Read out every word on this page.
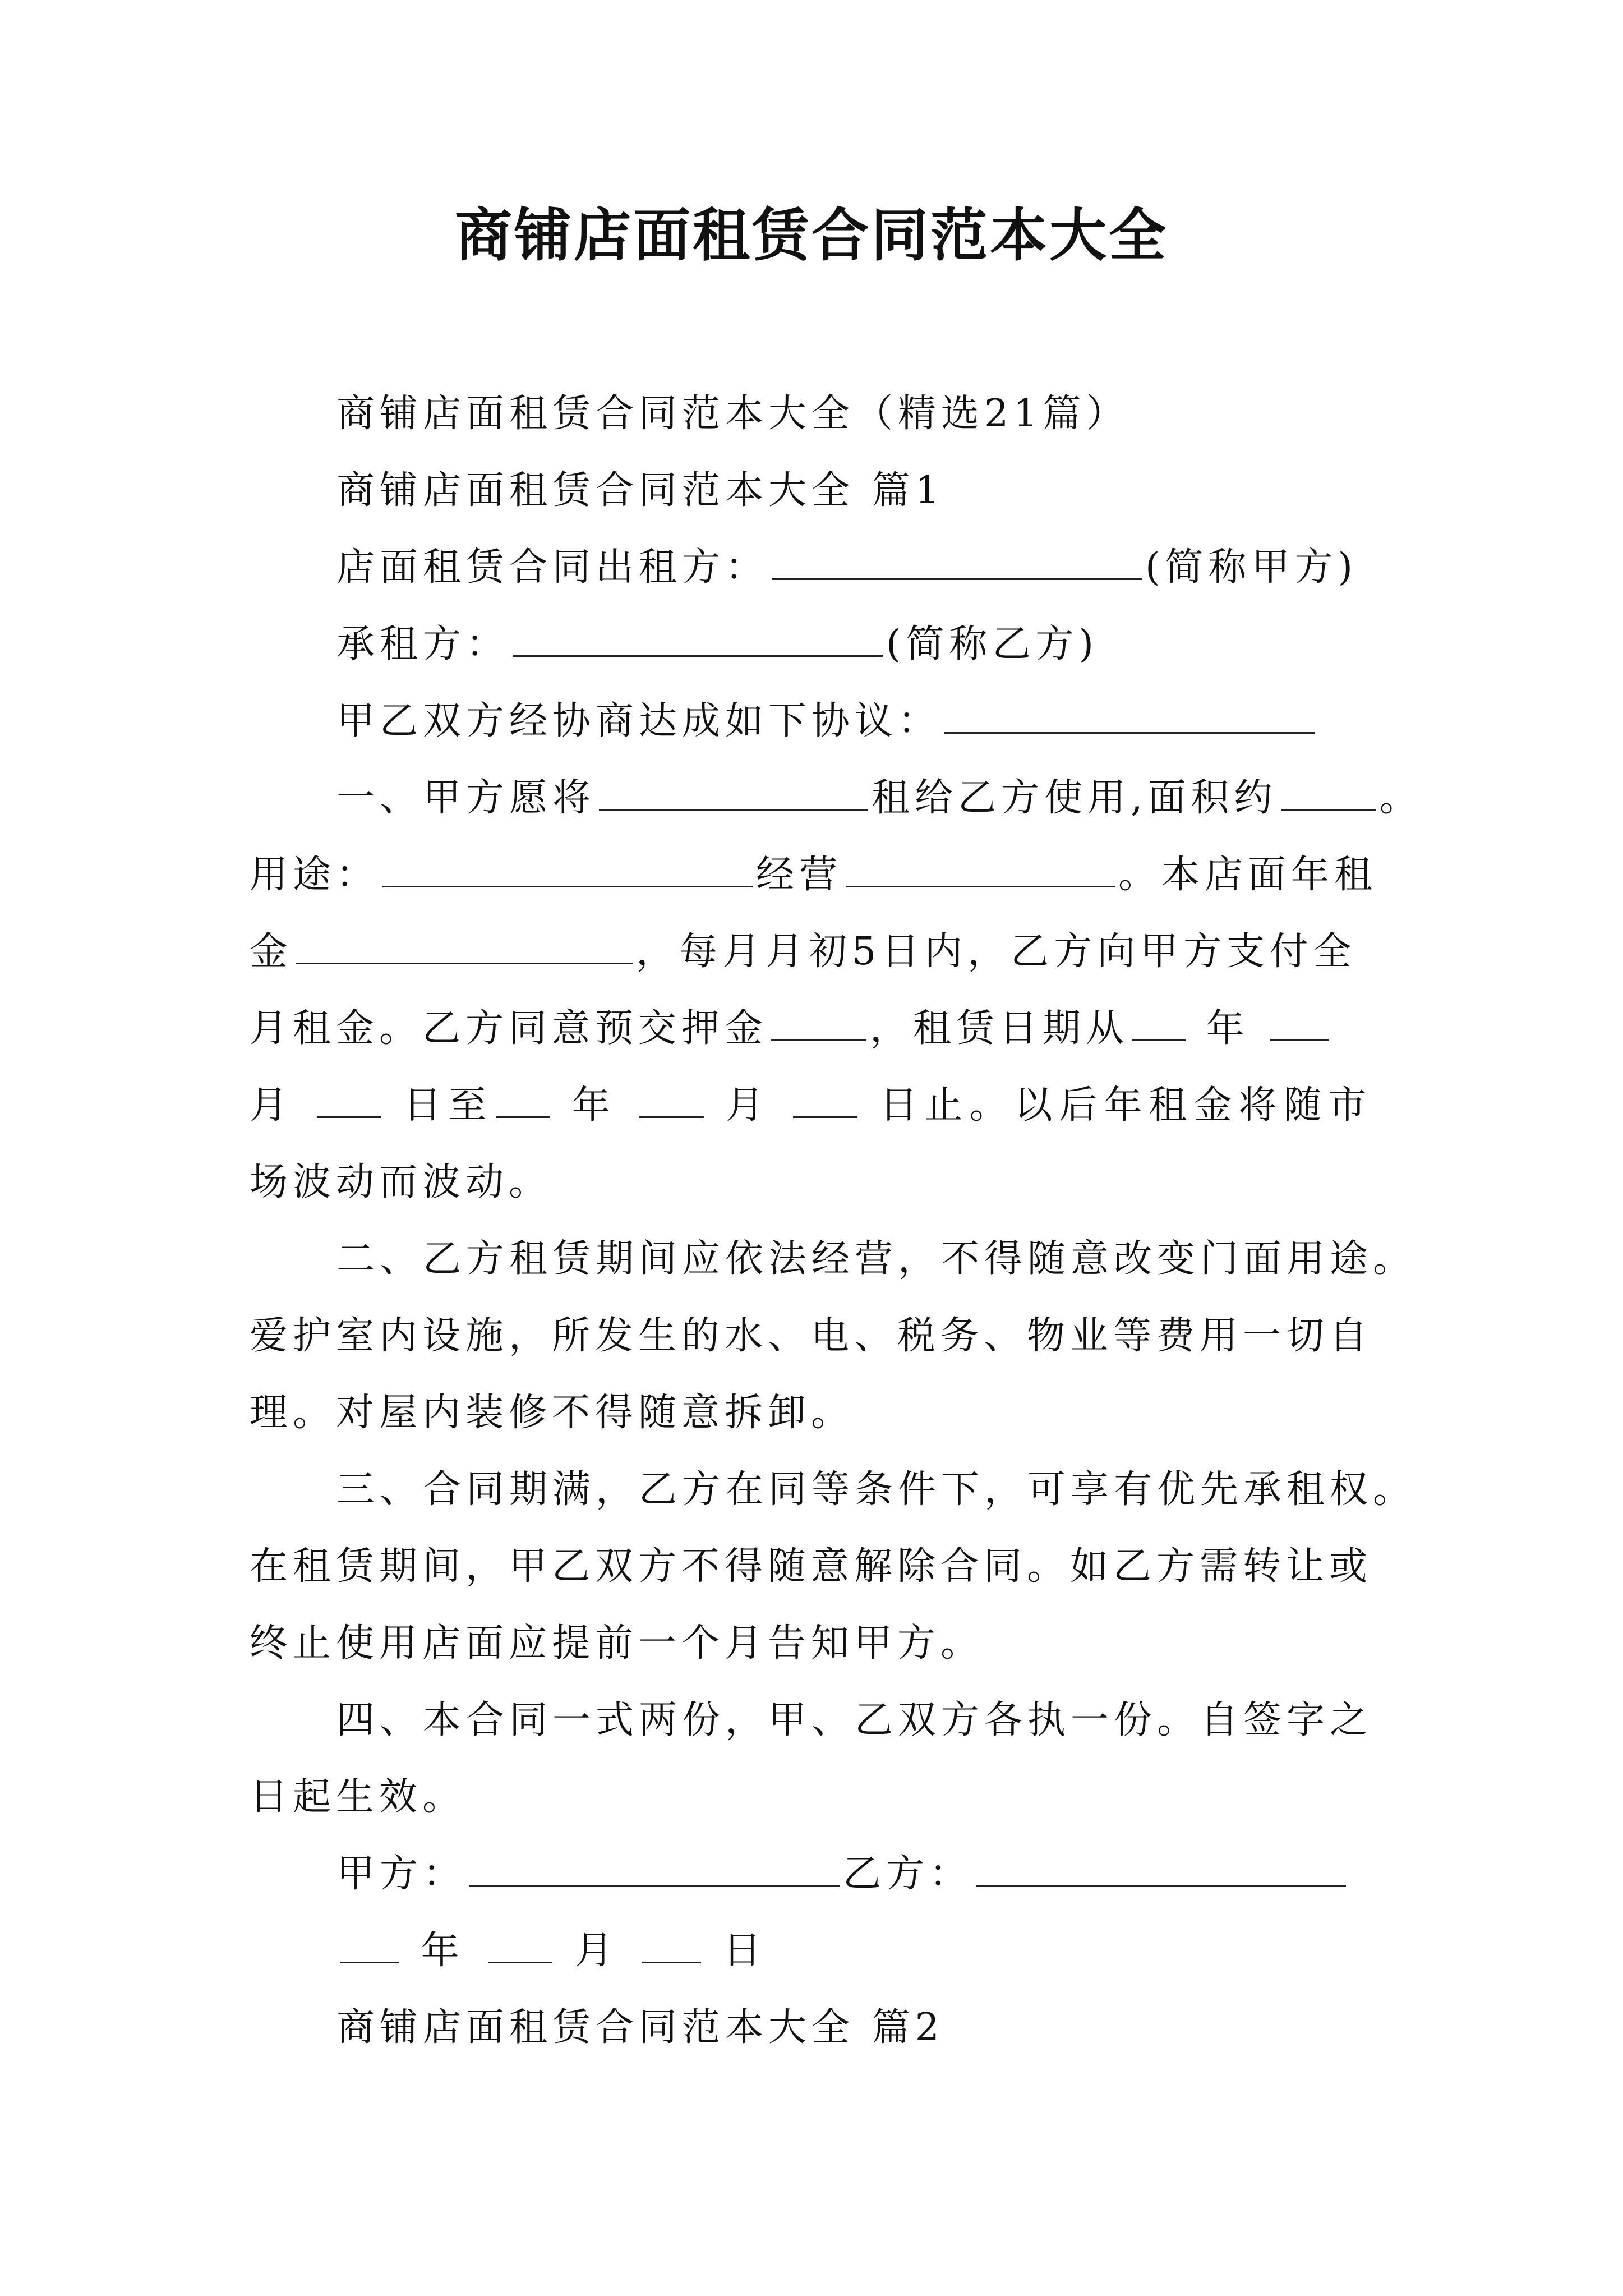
商铺店面租赁合同范本大全
商铺店面租赁合同范本大全（精选21篇）
商铺店面租赁合同范本大全 篇1
店面租赁合同出租方：	(简称甲方)
承租方：	(简称乙方)
甲乙双方经协商达成如下协议：
一、甲方愿将	租给乙方使用,面积约	。
用途：	经营	。本店面年租
金	，每月月初5日内，乙方向甲方支付全
月租金。乙方同意预交押金	，租赁日期从 年
月	日至 年	月	日止。以后年租金将随市
场波动而波动。
二、乙方租赁期间应依法经营，不得随意改变门面用途。
爱护室内设施，所发生的水、电、税务、物业等费用一切自
理。对屋内装修不得随意拆卸。
三、合同期满，乙方在同等条件下，可享有优先承租权。
在租赁期间，甲乙双方不得随意解除合同。如乙方需转让或
终止使用店面应提前一个月告知甲方。
四、本合同一式两份，甲、乙双方各执一份。自签字之
日起生效。
甲方：	乙方：
年	月	日
商铺店面租赁合同范本大全 篇2
